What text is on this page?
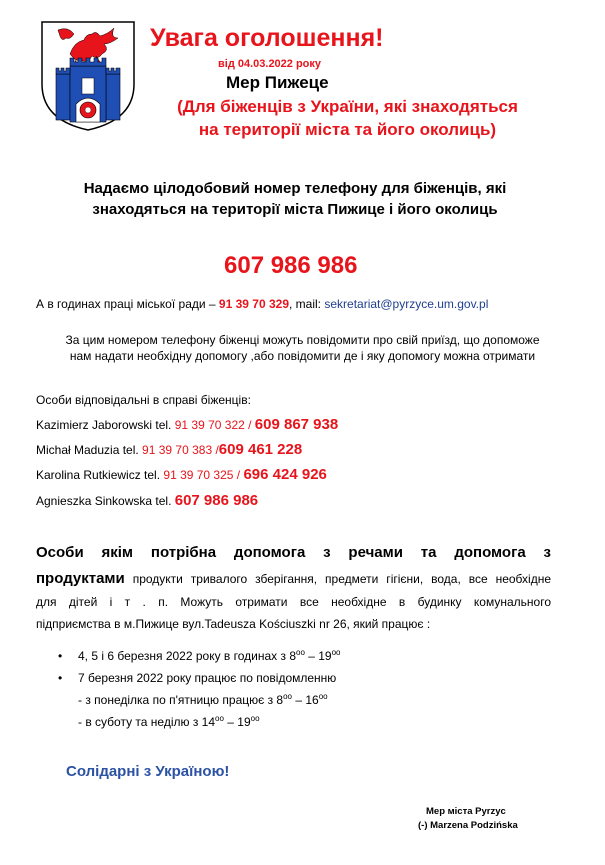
Увага оголошення!
від 04.03.2022 року
Мер Пижеце
(Для біженців з України, які знаходяться
на території міста та його околиць)
Надаємо цілодобовий номер телефону для біженців, які
знаходяться на території міста Пижице і його околиць
607 986 986
А в годинах праці міської ради – 91 39 70 329, mail: sekretariat@pyrzyce.um.gov.pl
За цим номером телефону біженці можуть повідомити про свій приїзд, що допоможе
нам надати необхідну допомогу ,або повідомити де і яку допомогу можна отримати
Особи відповідальні в справі біженців:
Kazimierz Jaborowski tel. 91 39 70 322 / 609 867 938
Michał Maduzia tel. 91 39 70 383 /609 461 228
Karolina Rutkiewicz tel. 91 39 70 325 / 696 424 926
Agnieszka Sinkowska tel. 607 986 986
Особи якім потрібна допомога з речами та допомога з
продуктами продукти тривалого зберігання, предмети гігієни, вода, все необхідне
для дітей і т . п. Можуть отримати все необхідне в будинку комунального
підприємства в м.Пижице вул.Tadeusza Kościuszki nr 26, який працює :
• 4, 5 і 6 березня 2022 року в годинах з $8^{оо} - 19^{оо}$
• 7 березня 2022 року працює по повідомленню
- з понеділка по п'ятницю працює з $8^{оо} - 16^{оо}$
- в суботу та неділю з $14^{оо} - 19^{оо}$
Солідарні з Україною!
Мер міста Pyrzyc
(-) Marzena Podzińska
